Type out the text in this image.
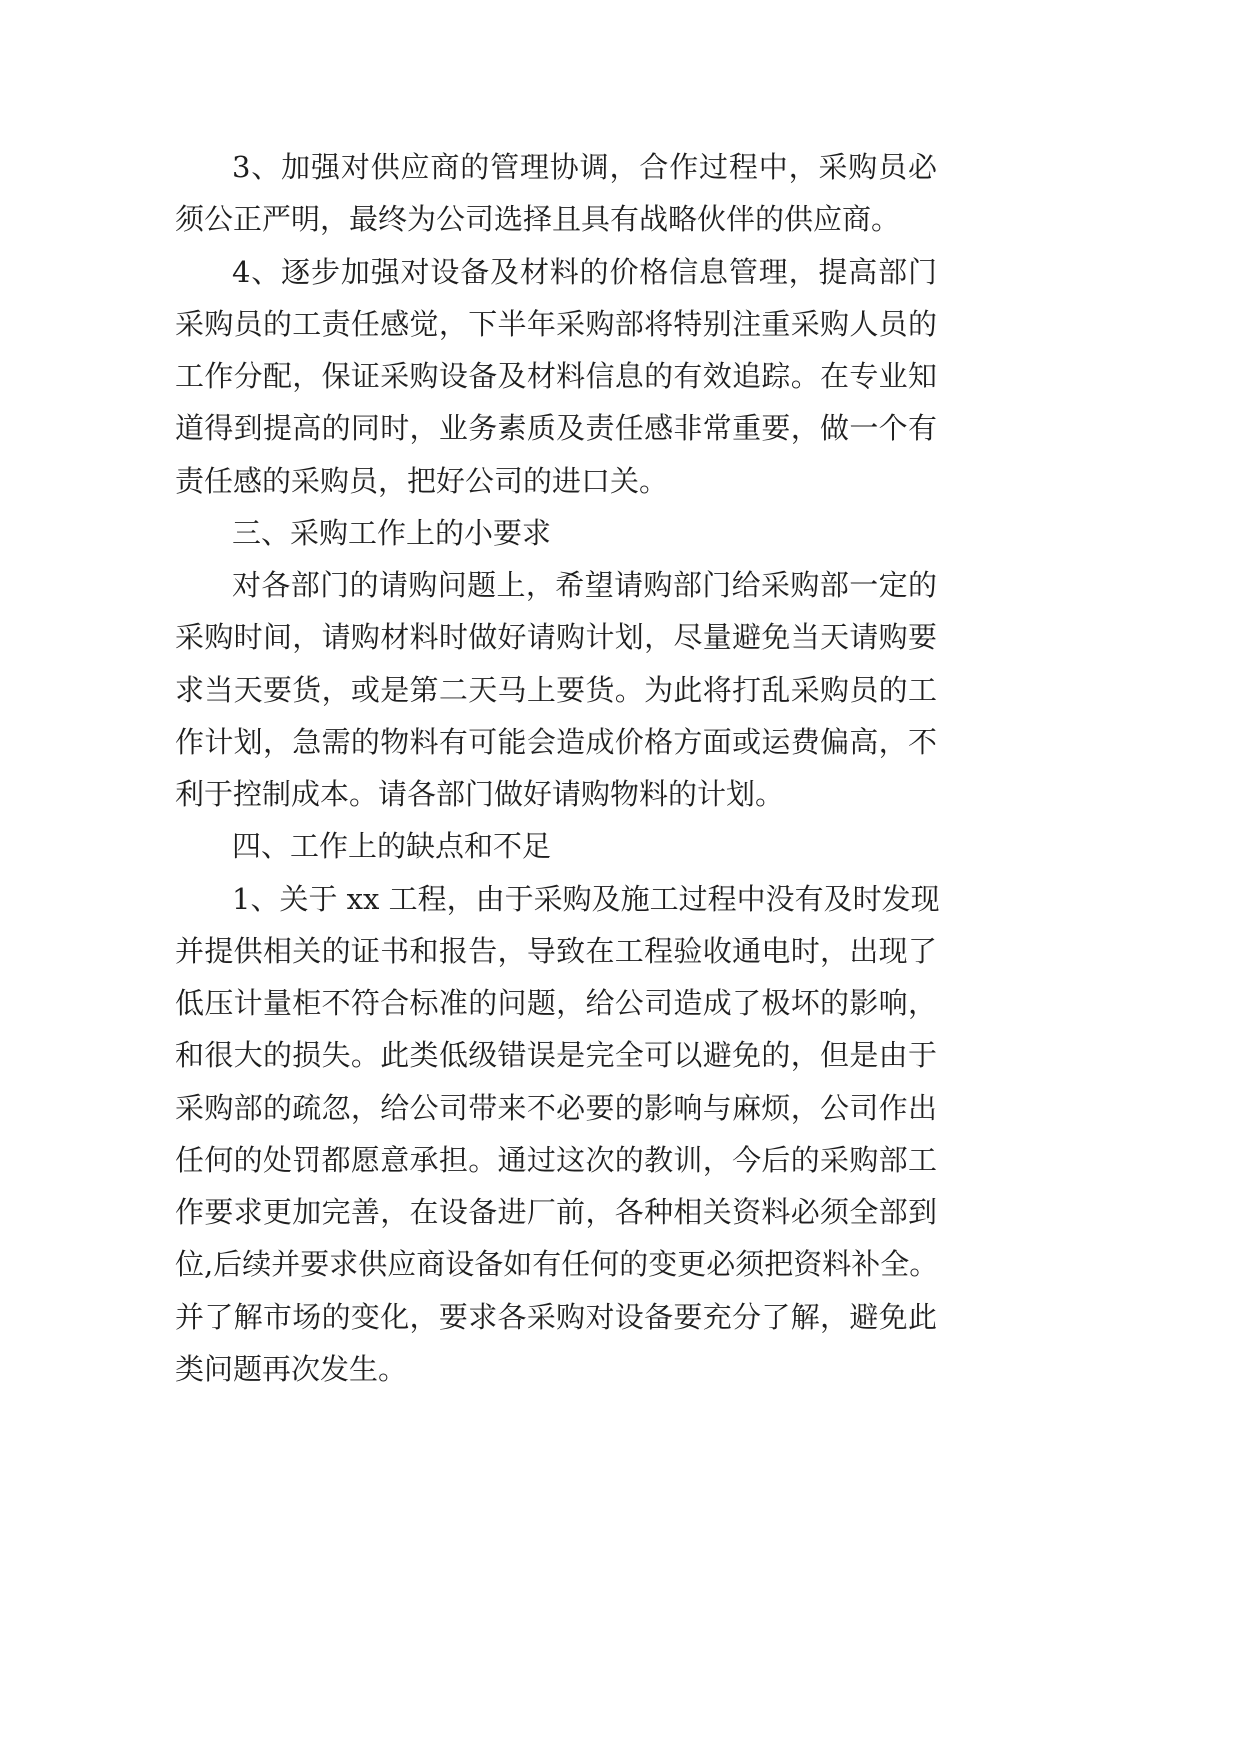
3、加强对供应商的管理协调，合作过程中，采购员必
须公正严明，最终为公司选择且具有战略伙伴的供应商。
4、逐步加强对设备及材料的价格信息管理，提高部门
采购员的工责任感觉，下半年采购部将特别注重采购人员的
工作分配，保证采购设备及材料信息的有效追踪。在专业知
道得到提高的同时，业务素质及责任感非常重要，做一个有
责任感的采购员，把好公司的进口关。
三、采购工作上的小要求
对各部门的请购问题上，希望请购部门给采购部一定的
采购时间，请购材料时做好请购计划，尽量避免当天请购要
求当天要货，或是第二天马上要货。为此将打乱采购员的工
作计划，急需的物料有可能会造成价格方面或运费偏高，不
利于控制成本。请各部门做好请购物料的计划。
四、工作上的缺点和不足
1、关于 xx 工程，由于采购及施工过程中没有及时发现
并提供相关的证书和报告，导致在工程验收通电时，出现了
低压计量柜不符合标准的问题，给公司造成了极坏的影响，
和很大的损失。此类低级错误是完全可以避免的，但是由于
采购部的疏忽，给公司带来不必要的影响与麻烦，公司作出
任何的处罚都愿意承担。通过这次的教训，今后的采购部工
作要求更加完善，在设备进厂前，各种相关资料必须全部到
位,后续并要求供应商设备如有任何的变更必须把资料补全。
并了解市场的变化，要求各采购对设备要充分了解，避免此
类问题再次发生。
